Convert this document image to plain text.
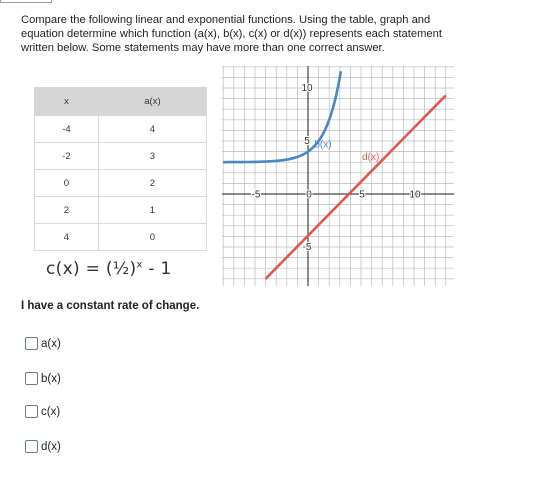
Compare the following linear and exponential functions. Using the table, graph and equation determine which function (a(x), b(x), c(x) or d(x)) represents each statement written below. Some statements may have more than one correct answer.
x	a(x)
-4	4
-2	3
0	2
2	1
4	0
c(x) = (½)$^x$ - 1
-5	0	5	10
10
5
-5
b(x)
d(x)
I have a constant rate of change.
a(x)
b(x)
c(x)
d(x)
